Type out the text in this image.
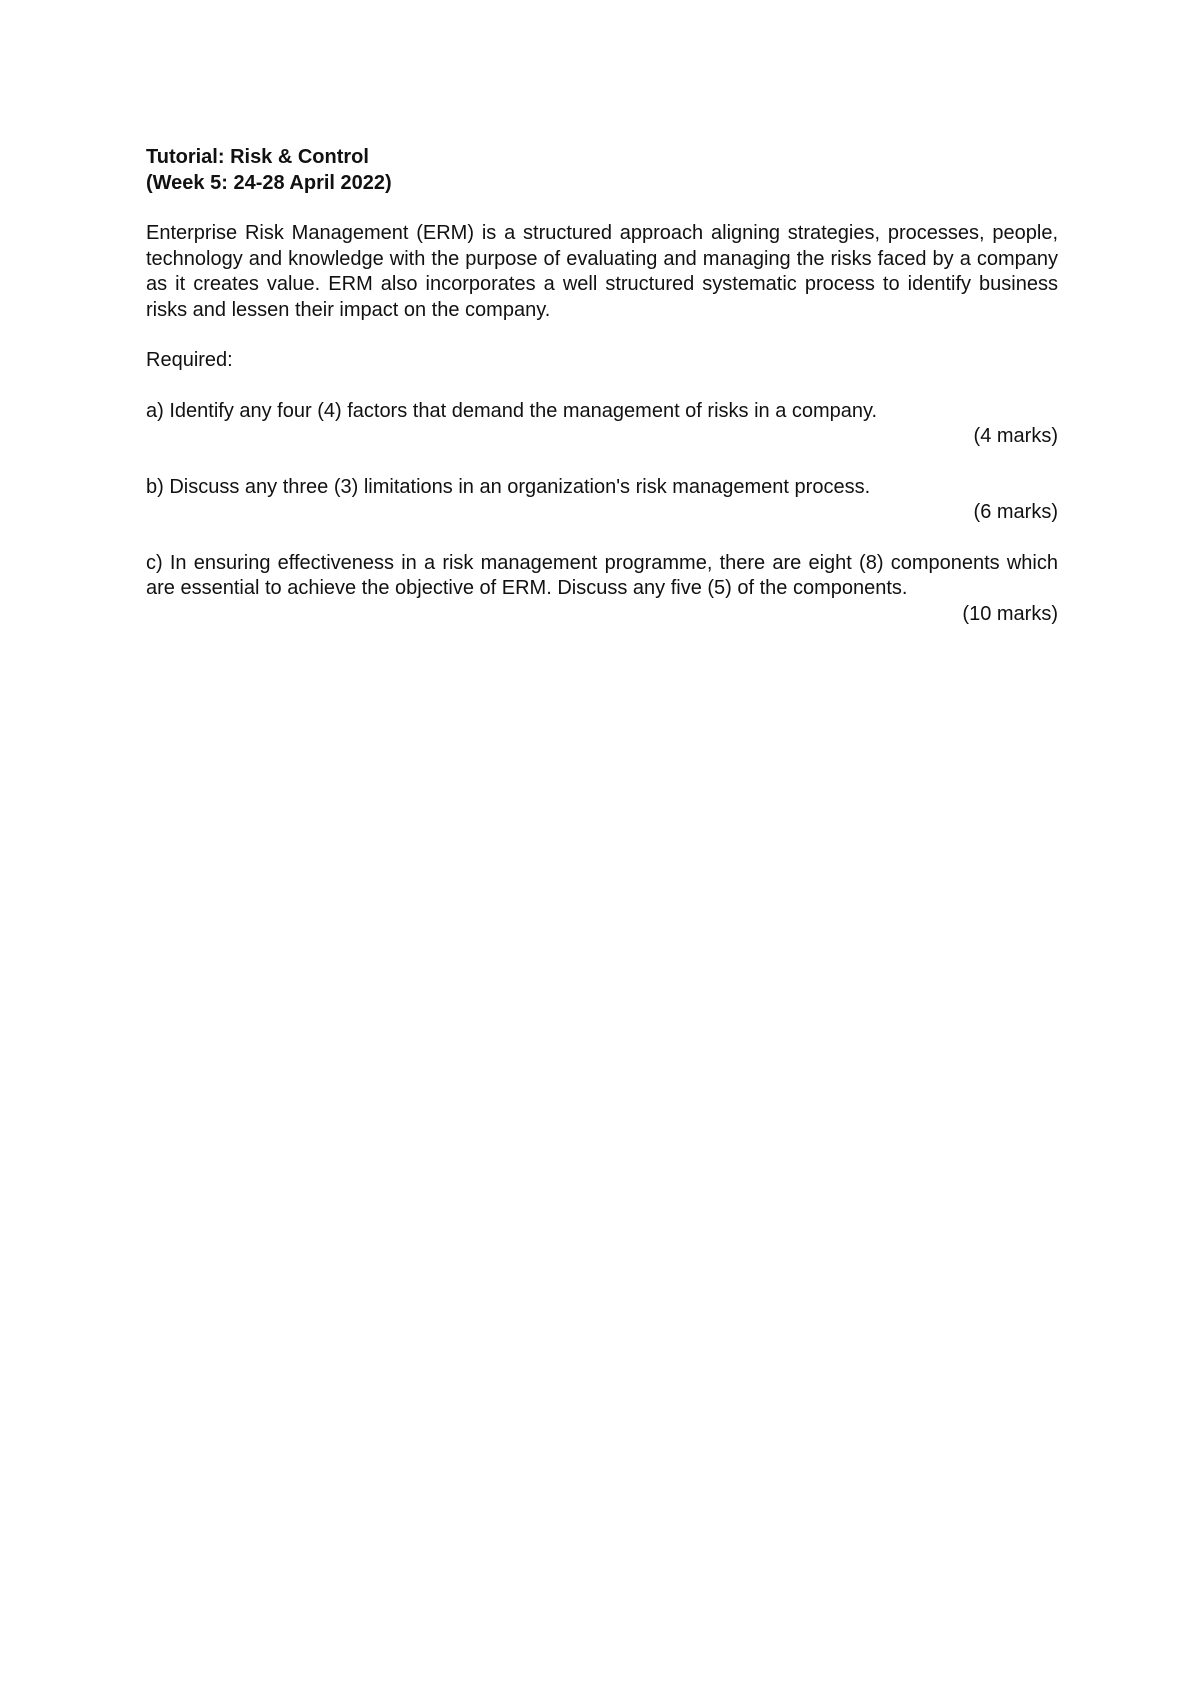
Tutorial: Risk & Control
(Week 5: 24-28 April 2022)

Enterprise Risk Management (ERM) is a structured approach aligning strategies, processes, people, technology and knowledge with the purpose of evaluating and managing the risks faced by a company as it creates value. ERM also incorporates a well structured systematic process to identify business risks and lessen their impact on the company.

Required:

a) Identify any four (4) factors that demand the management of risks in a company.

(4 marks)

b) Discuss any three (3) limitations in an organization's risk management process.

(6 marks)

c) In ensuring effectiveness in a risk management programme, there are eight (8) components which are essential to achieve the objective of ERM. Discuss any five (5) of the components.

(10 marks)
